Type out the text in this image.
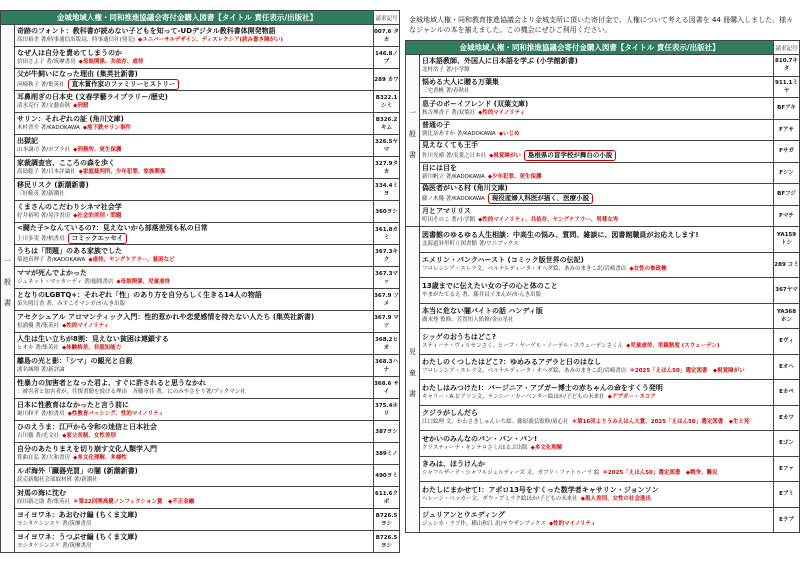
金城地域人権・同和推進協議会寄付金購入図書【タイトル 責任表示/出版社】		請求記号
一般書	奇跡のフォント：教科書が読めない子どもを知って-UDデジタル教科書体開発物語
高田裕美 著/時事通信出版局、時事通信社(発売) ◆ユニバーサルデザイン、ディスレクシア(読み書き障がい)	007.6 タカ

	なぜ人は自分を責めてしまうのか
信田さよ子 著/筑摩書房 ◆母娘関係、共依存、虐待	146.8ノブ

	父が牛飼いになった理由 (集英社新書)
河崎秋子 著/集英社 直木賞作家のファミリーヒストリー	289 カワ

	耳鼻削ぎの日本史 (文春学藝ライブラリー/歴史)
清水克行 著/文藝春秋 ◆刑罰	B322.1 シミ

	サリン：それぞれの証 (角川文庫)
木村晋介 著/KADOKAWA ◆地下鉄サリン事件	B326.2 キム

	出獄記
山本譲司 著/ポプラ社 ◆刑務所、更生保護	326.5ヤマ

	家裁調査官、こころの森を歩く
高島聡子 著/日本評論社 ◆家庭裁判所、少年犯罪、家族関係	327.9タカ

	移民リスク (新潮新書)
三好範英 著/新潮社	334.4ミヨ

	くまさんのこだわりシネマ社会学
好井裕明 著/晃洋書房 ◆社会的差別・問題	360ヨシ

	<闘た子>なんているの?：見えないから部落差別も私の日常
上川多実 著/柏書房 コミックエッセイ	361.8カミ

	うちは「問題」のある家族でした
菊池真理子 著/KADOKAWA ◆虐待、ヤングケアラー、貧困など	367.3キク

	ママが死んでよかった
ジェネット・マッカーディ 著/徳間書店 ◆母娘関係、児童虐待	367.3マッ

	となりのLGBTQ+：それぞれ「性」のあり方を自分らしく生きる14人の物語
染矢明日香 著、みすこそマンガ/かんき出版	367.9 ソメ

	アセクシュアル アロマンティック入門：性的惹かれや恋愛感情を持たない人たち (集英社新書)
松浦優 著/集英社 ◆性的マイノリティ	367.9 マツ

	人生は生い立ちが8割：見えない貧困は連鎖する
ヒオカ 著/集英社 ◆体験格差、非認知能力	368.2ヒオ

	離島の光と影：「シマ」の観光と自殺
波名城翔 著/新評論	368.3ハナ

	性暴力の加害者となった君よ、すぐに許されると思うなかれ
：被害者と加害者が、往復書簡を続ける理由　斉藤章佳 著、にのみやさをり著/ブックマン社	368.6 サイ

	日本に性教育はなかったと言う前に
堀川修平 著/柏書房 ◆性教育バッシング、性的マイノリティ	375.4ホリ

	ひのえうま：江戸から令和の迷信と日本社会
吉川徹 著/光文社 ◆家父長制、女性差別	387ヨシ

	自分のあたりまえを切り崩す文化人類学入門
箕曲在弘 著/大和書房 ◆多文化理解、多様性	389ミノ

	ルポ海外「臓器売買」の闇 (新潮新書)
読売新聞社会部取材班 著/新潮社	490ヨミ

	対馬の海に沈む
窪田新之助 著/集英社 ＊第22回開高健ノンフィクション賞　◆不正金融	611.6クボ

	ヨイヨワネ：あおむけ編 (ちくま文庫)
ヨシタケシンスケ 著/筑摩書房	B726.5 ヨシ

	ヨイヨワネ：うつぶせ編 (ちくま文庫)
ヨシタケシンスケ 著/筑摩書房	B726.5 ヨシ
金城地域人権・同和教育推進協議会より金城支所に頂いた寄付金で、人権について考える図書を 44 冊購入しました。様々なジャンルの本を揃えました。この機会にぜひご利用ください。
金城地域人権・同和推進協議会寄付金購入図書【タイトル 責任表示/出版社】		請求記号
一般書	日本語教師、外国人に日本語を学ぶ (小学館新書)
北村浩子 著/小学館	810.7キタ

	悩める大人に贈る万葉集
三宅香帆 著/春秋社	911.1ミヤ

	息子のボーイフレンド (双葉文庫)
秋吉理香子 著/双葉社 ◆性的マイノリティ	BFアキ

	普通の子
朝比奈あすか 著/KADOKAWA ◆いじめ	Fアサ

	見えなくても王手
佐川光晴 著/実業之日本社 ◆視覚障がい 島根県の盲学校が舞台の小説	Fサガ

	目には目を
新川帆立 著/KADOKAWA ◆少年犯罪、更生保護	Fシン

	偽医者がいる村 (角川文庫)
藤ノ木優 著/KADOKAWA 現役産婦人科医が描く、医療小説	BFフジ

	月とアマリリス
町田そのこ 著/小学館 ◆性的マイノリティ、共依存、ヤングケアラー、男尊女卑	Fマチ
児童書	図書館のゆるゆる人生相談：中高生の悩み、質問、雑談に、図書館職員がお応えします!
北海道斜里町立図書館 著/ワニブックス	YA159 トシ

	エメリン・パンクハースト (コミック版世界の伝記)
フロレンシア・エレラ文、ベルナルディータ・オヘダ絵、あみのまきこ訳/岩崎書店 ◆女性の参政権	289 コミ

	13歳までに伝えたい女の子の心と体のこと
やまがたてるえ 著、藤井昌子まんが/かんき出版	367ヤマ

	本当に危ない闇バイトの話 ハンディ版
廣末登 監修、芳賀恒人監修/金の星社	YA368 ホン

	シッゲのおうちはどこ?
スティーナ・ヴィルセンさく、ヒーブ・ヤーゲル・ノーデル・スウェーデンさくん ◆児童虐待、里親制度 (スウェーデン)	Eヴィ

	わたしのくつしたはどこ?：ゆめみるアデラと日のはなし
フロレンシア・エレラ文、ベルナルディータ・オヘダ絵、あみのまきこ訳/岩崎書店 ＊2025「えほん50」選定図書　◆視覚障がい	Eオヘ

	わたしはみつけた!：バージニア・アプガー博士の赤ちゃんの命をすくう発明
キャリー・A.ピアソン文、テンシー・カーベンター絵ほか/子どもの未来社 ◆アプガー・スコア	Eカペ

	クジラがしんだら
江口絵理 文、かわさきしゅんいち絵、藤原義弘監修/童心社 ＊第16回よりうみえほん大賞、2025「えほん50」選定図書　◆生と死	Eカワ

	せかいのみんなのパン・パン・パン!
クリスティーナ・キンテロさく/ほるぷ出版 ◆多文化理解	Eゴン

	きみは、ほうけんか
シャフルザード・シャフルジェルディーズ 文、ガブリ・ファトゥーラ 絵 ＊2025「えほん50」選定図書　◆戦争、難民	Eファ

	わたしにまかせて!：アポロ13号をすくった数学者キャサリン・ジョンソン
ヘレーン・ベッカー文、ダウ・プミラク絵ほか/子どもの未来社 ◆黒人差別、女性の社会進出	Eブミ

	ジュリアンとウエディング
ジェシカ・ラブ作、横山和江 訳/サウザンブックス ◆性的マイノリティ	Eラブ
